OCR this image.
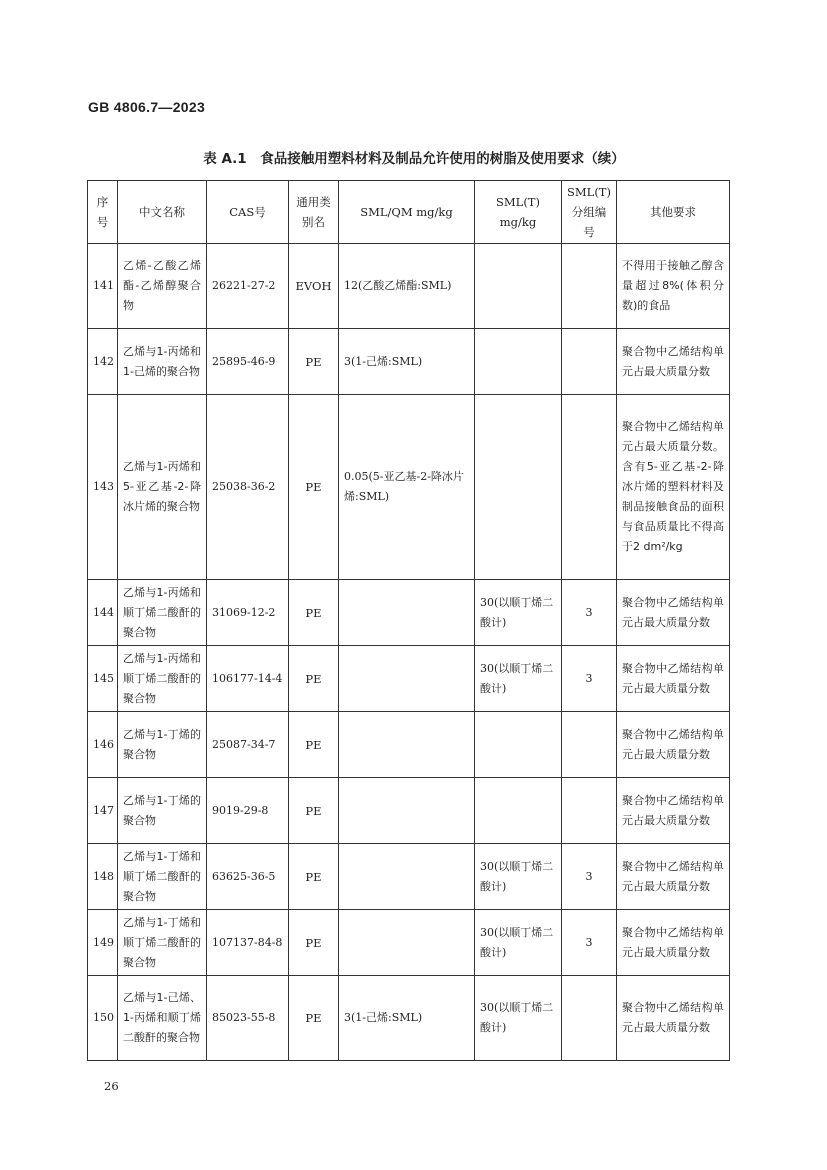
GB 4806.7—2023
表 A.1　食品接触用塑料材料及制品允许使用的树脂及使用要求（续）
序号	中文名称	CAS号	通用类别名	SML/QM mg/kg	SML(T) mg/kg	SML(T) 分组编号	其他要求
141	乙烯-乙酸乙烯酯-乙烯醇聚合物	26221-27-2	EVOH	12(乙酸乙烯酯:SML)			不得用于接触乙醇含量超过8%(体积分数)的食品
142	乙烯与1-丙烯和1-己烯的聚合物	25895-46-9	PE	3(1-己烯:SML)			聚合物中乙烯结构单元占最大质量分数
143	乙烯与1-丙烯和5-亚乙基-2-降冰片烯的聚合物	25038-36-2	PE	0.05(5-亚乙基-2-降冰片烯:SML)			聚合物中乙烯结构单元占最大质量分数。含有5-亚乙基-2-降冰片烯的塑料材料及制品接触食品的面积与食品质量比不得高于2 dm²/kg
144	乙烯与1-丙烯和顺丁烯二酸酐的聚合物	31069-12-2	PE		30(以顺丁烯二酸计)	3	聚合物中乙烯结构单元占最大质量分数
145	乙烯与1-丙烯和顺丁烯二酸酐的聚合物	106177-14-4	PE		30(以顺丁烯二酸计)	3	聚合物中乙烯结构单元占最大质量分数
146	乙烯与1-丁烯的聚合物	25087-34-7	PE				聚合物中乙烯结构单元占最大质量分数
147	乙烯与1-丁烯的聚合物	9019-29-8	PE				聚合物中乙烯结构单元占最大质量分数
148	乙烯与1-丁烯和顺丁烯二酸酐的聚合物	63625-36-5	PE		30(以顺丁烯二酸计)	3	聚合物中乙烯结构单元占最大质量分数
149	乙烯与1-丁烯和顺丁烯二酸酐的聚合物	107137-84-8	PE		30(以顺丁烯二酸计)	3	聚合物中乙烯结构单元占最大质量分数
150	乙烯与1-己烯、1-丙烯和顺丁烯二酸酐的聚合物	85023-55-8	PE	3(1-己烯:SML)	30(以顺丁烯二酸计)		聚合物中乙烯结构单元占最大质量分数
26
